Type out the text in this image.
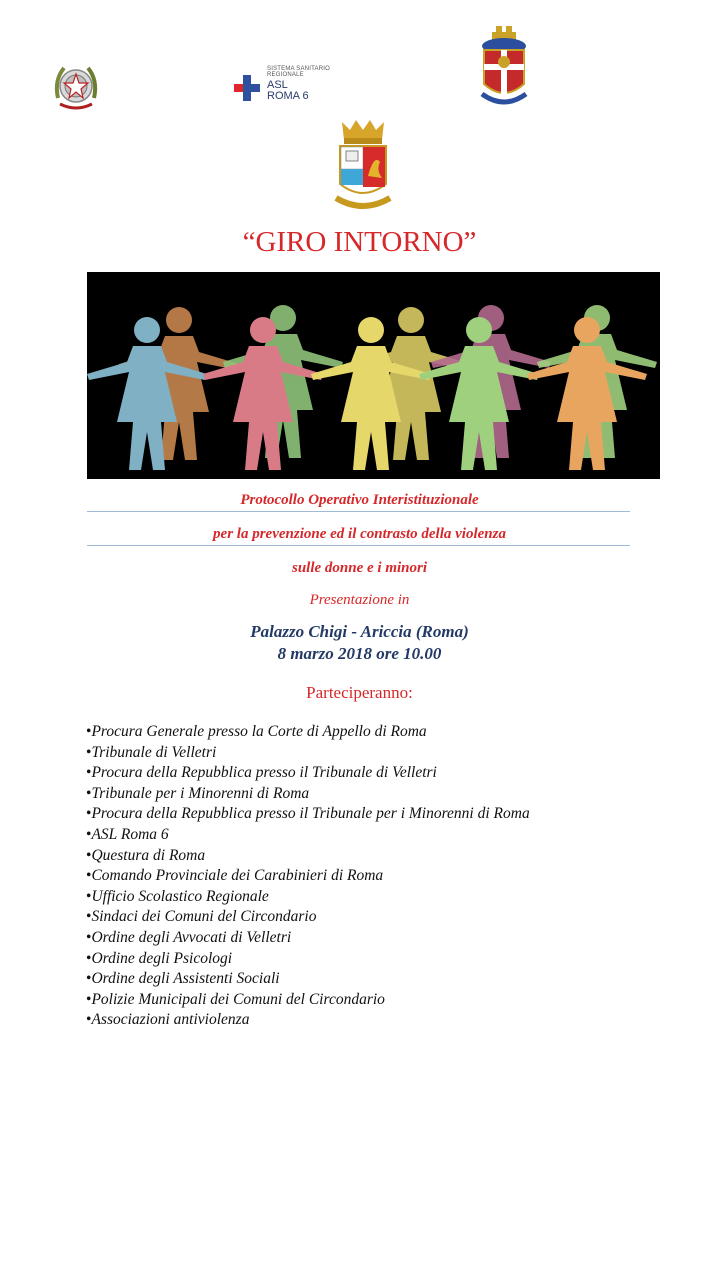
SISTEMA SANITARIO REGIONALE
ASL
ROMA 6
“GIRO INTORNO”
Protocollo Operativo Interistituzionale
per la prevenzione ed il contrasto della violenza
sulle donne e i minori
Presentazione in
Palazzo Chigi - Ariccia (Roma)
8 marzo 2018 ore 10.00
Parteciperanno:
• Procura Generale presso la Corte di Appello di Roma
• Tribunale di Velletri
• Procura della Repubblica presso il Tribunale di Velletri
• Tribunale per i Minorenni di Roma
• Procura della Repubblica presso il Tribunale per i Minorenni di Roma
• ASL Roma 6
• Questura di Roma
• Comando Provinciale dei Carabinieri di Roma
• Ufficio Scolastico Regionale
• Sindaci dei Comuni del Circondario
• Ordine degli Avvocati di Velletri
• Ordine degli Psicologi
• Ordine degli Assistenti Sociali
• Polizie Municipali dei Comuni del Circondario
• Associazioni antiviolenza
